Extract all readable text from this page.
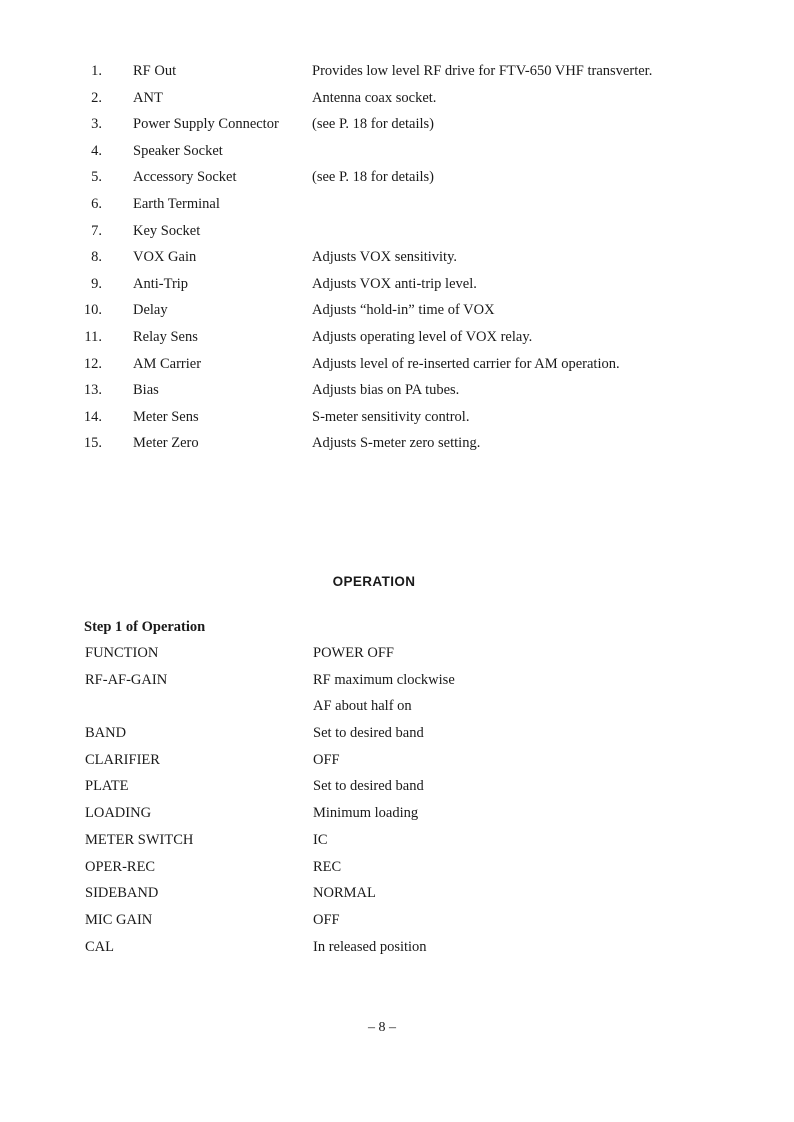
1. RF Out	Provides low level RF drive for FTV-650 VHF transverter.
2. ANT	Antenna coax socket.
3. Power Supply Connector (see P. 18 for details)
4. Speaker Socket
5. Accessory Socket	(see P. 18 for details)
6. Earth Terminal
7. Key Socket
8. VOX Gain	Adjusts VOX sensitivity.
9. Anti-Trip	Adjusts VOX anti-trip level.
10. Delay	Adjusts “hold-in” time of VOX
11. Relay Sens	Adjusts operating level of VOX relay.
12. AM Carrier	Adjusts level of re-inserted carrier for AM operation.
13. Bias	Adjusts bias on PA tubes.
14. Meter Sens	S-meter sensitivity control.
15. Meter Zero	Adjusts S-meter zero setting.
OPERATION
Step 1 of Operation
FUNCTION	POWER OFF
RF-AF-GAIN	RF maximum clockwise
AF about half on
BAND	Set to desired band
CLARIFIER	OFF
PLATE	Set to desired band
LOADING	Minimum loading
METER SWITCH	IC
OPER-REC	REC
SIDEBAND	NORMAL
MIC GAIN	OFF
CAL	In released position
– 8 –
